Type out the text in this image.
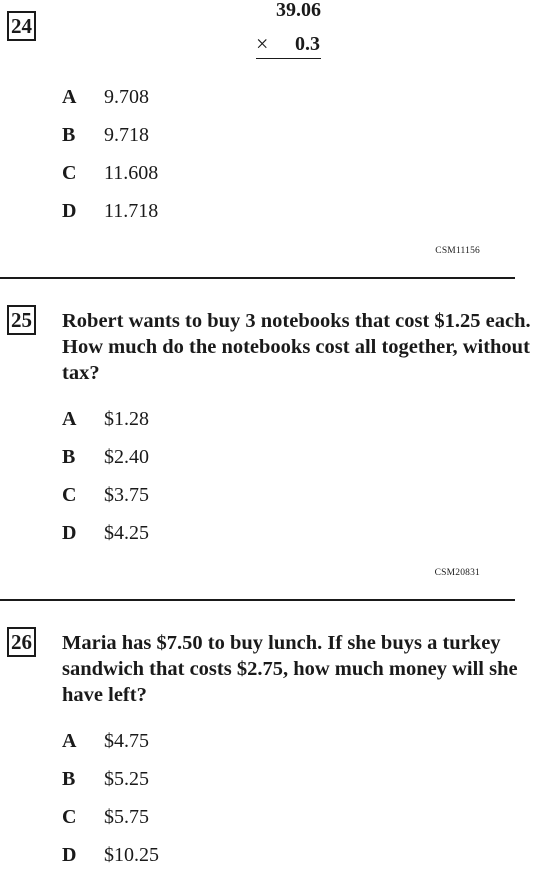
24
39.06
× 0.3
A 9.708
B 9.718
C 11.608
D 11.718
CSM11156
25 Robert wants to buy 3 notebooks that cost $1.25 each. How much do the notebooks cost all together, without tax?
A $1.28
B $2.40
C $3.75
D $4.25
CSM20831
26 Maria has $7.50 to buy lunch. If she buys a turkey sandwich that costs $2.75, how much money will she have left?
A $4.75
B $5.25
C $5.75
D $10.25
